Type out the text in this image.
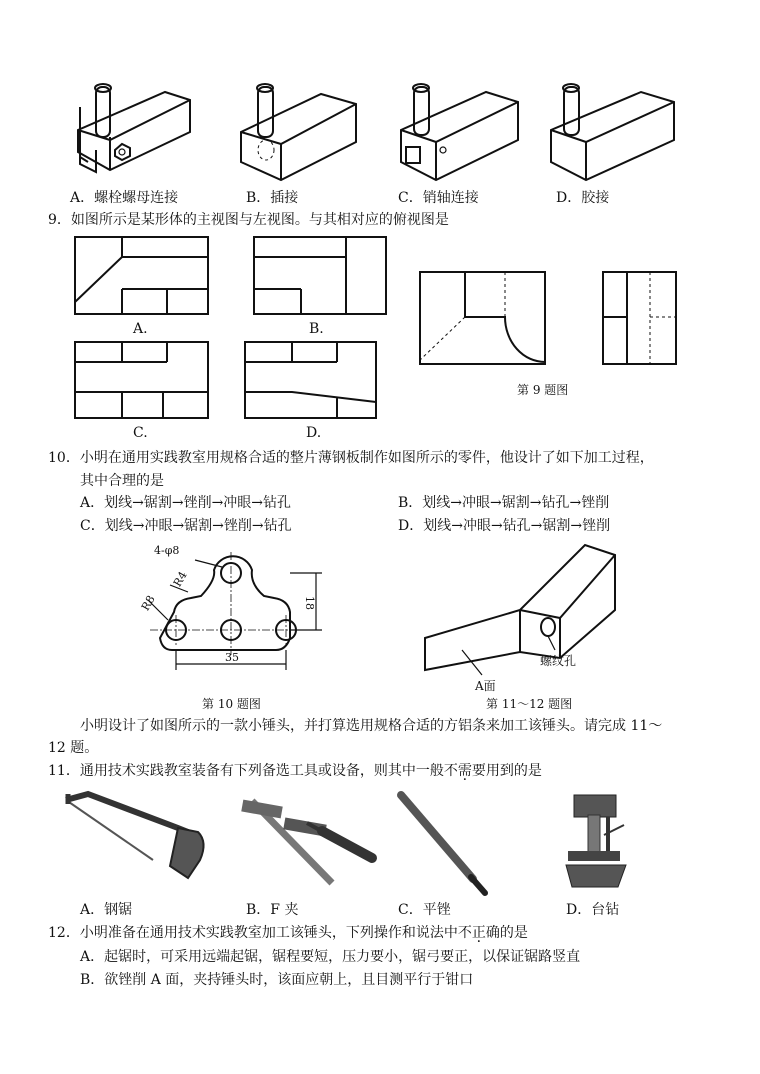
A．螺栓螺母连接	B．插接	C．销轴连接	D．胶接
9．如图所示是某形体的主视图与左视图。与其相对应的俯视图是
A.	B.
C.	D.
第 9 题图
10．小明在通用实践教室用规格合适的整片薄钢板制作如图所示的零件，他设计了如下加工过程，
其中合理的是
A．划线→锯割→锉削→冲眼→钻孔	B．划线→冲眼→锯割→钻孔→锉削
C．划线→冲眼→锯割→锉削→钻孔	D．划线→冲眼→钻孔→锯割→锉削
4-φ8
R4
R8
35
18
第 10 题图
A面
螺纹孔
第 11～12 题图
小明设计了如图所示的一款小锤头，并打算选用规格合适的方铝条来加工该锤头。请完成 11～
12 题。
11．通用技术实践教室装备有下列备选工具或设备，则其中一般不需要用到的是
A．钢锯	B．F 夹	C．平锉	D．台钻
12．小明准备在通用技术实践教室加工该锤头，下列操作和说法中不正确的是
A．起锯时，可采用远端起锯，锯程要短，压力要小，锯弓要正，以保证锯路竖直
B．欲锉削 A 面，夹持锤头时，该面应朝上，且目测平行于钳口
